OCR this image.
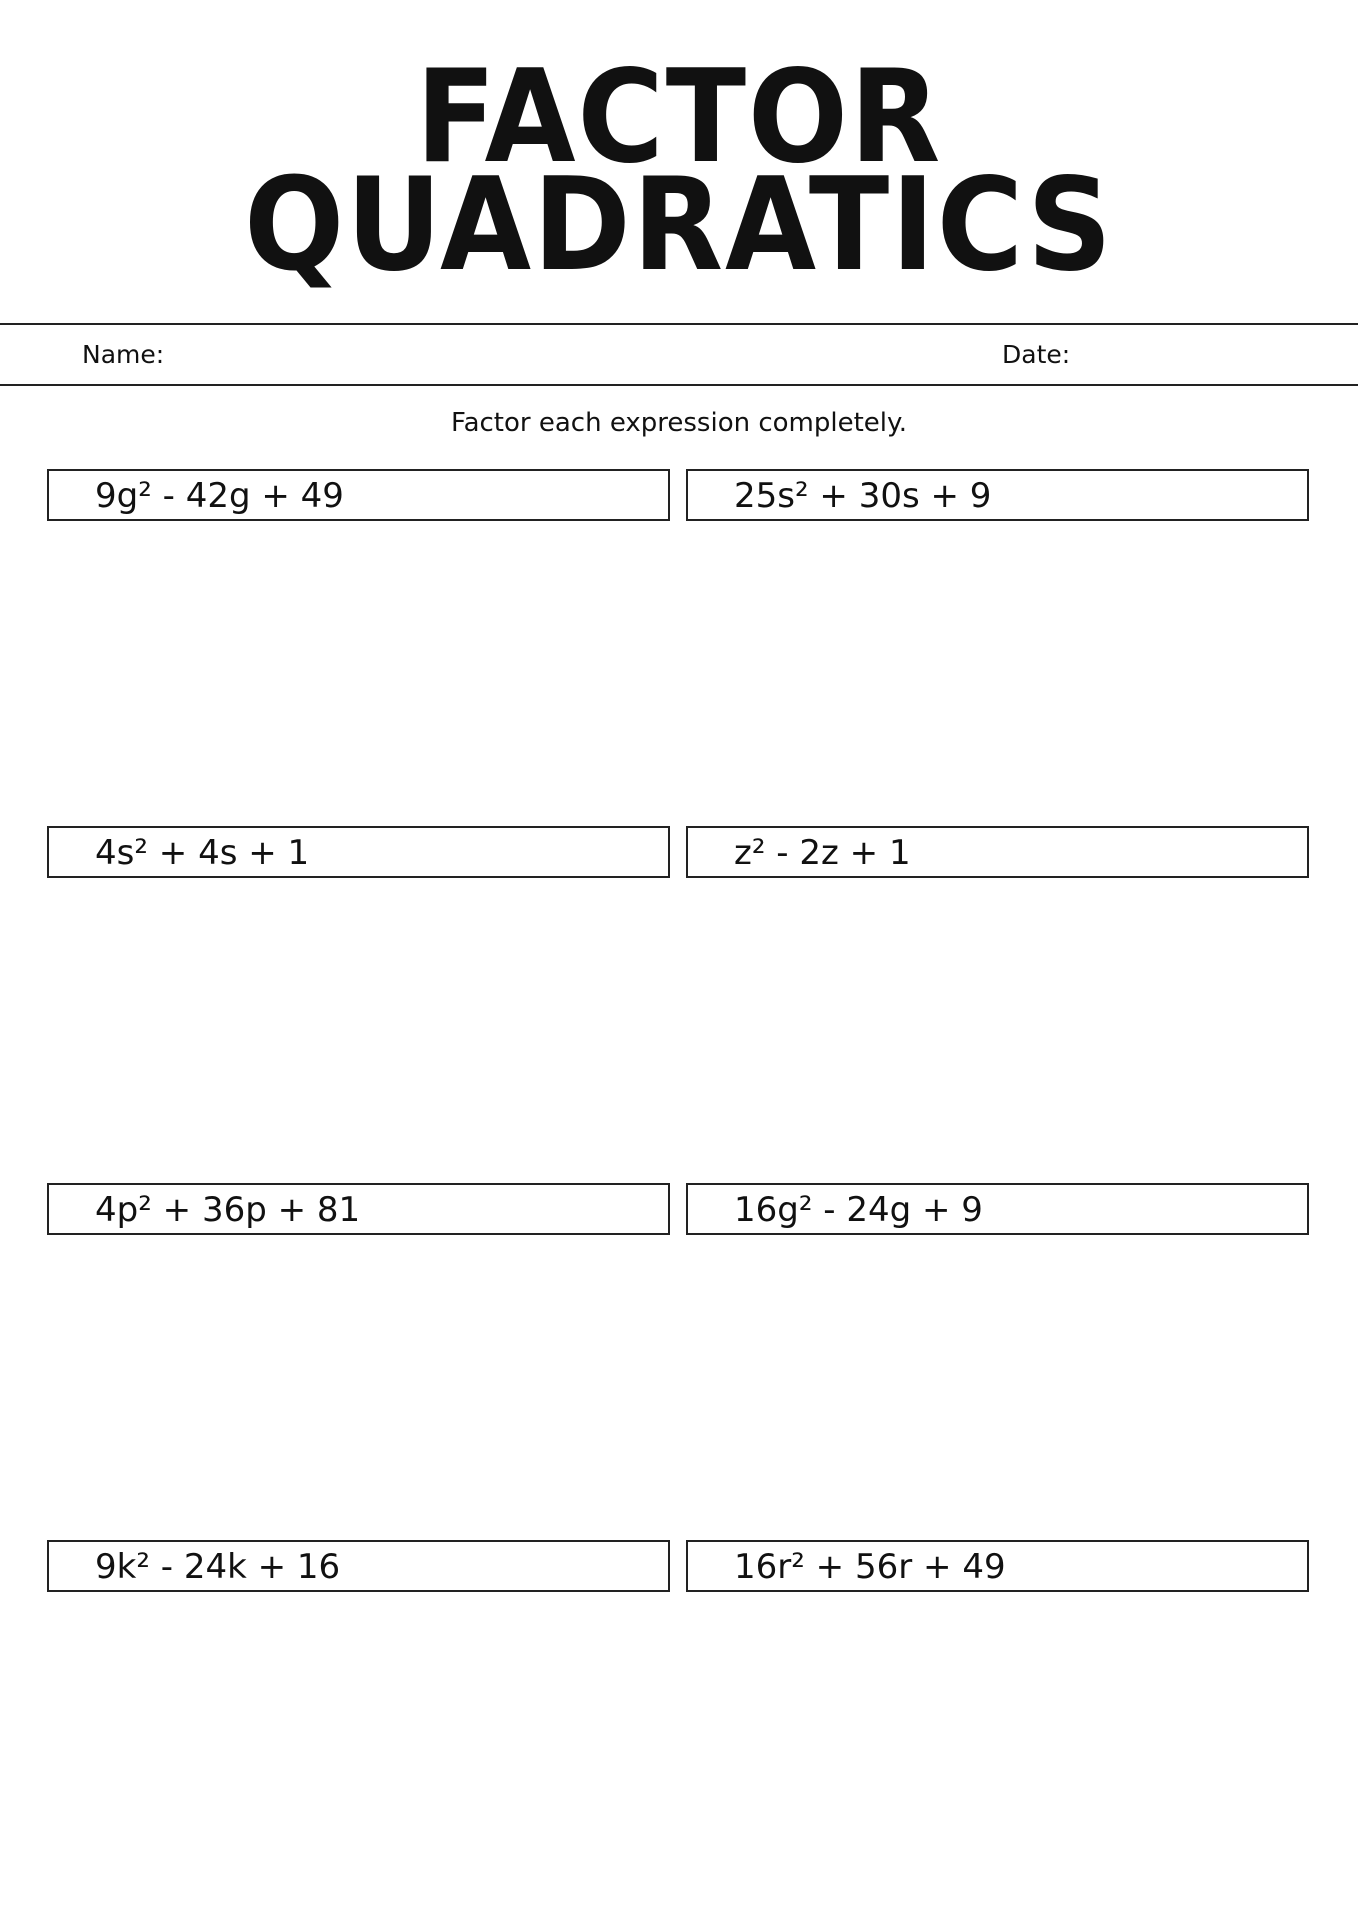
FACTOR
QUADRATICS
Name:	Date:
Factor each expression completely.
9g² - 42g + 49	25s² + 30s + 9
4s² + 4s + 1	z² - 2z + 1
4p² + 36p + 81	16g² - 24g + 9
9k² - 24k + 16	16r² + 56r + 49
